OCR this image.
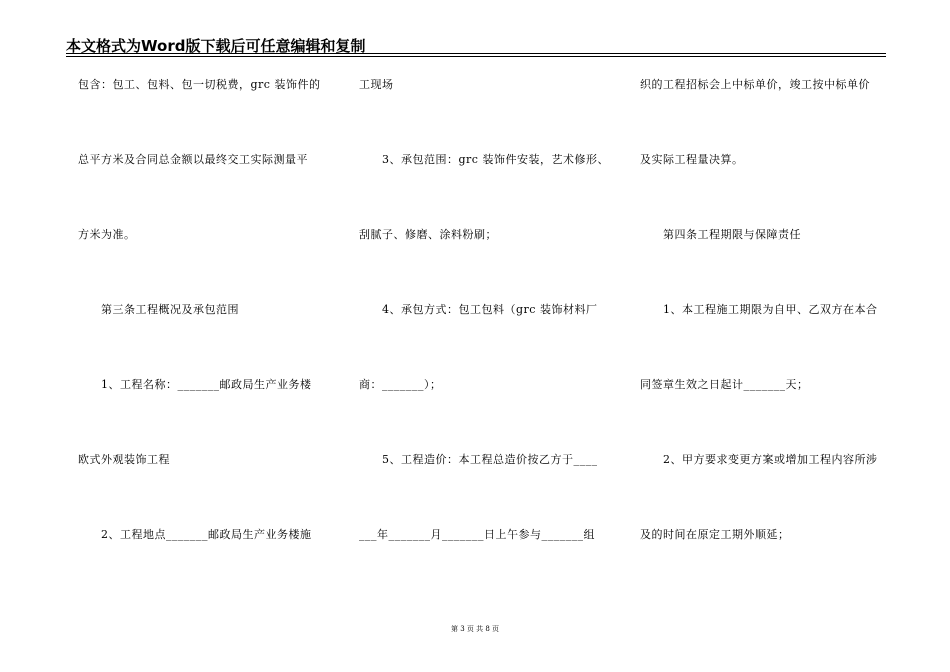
本文格式为Word版下载后可任意编辑和复制
包含：包工、包料、包一切税费，grc 装饰件的
总平方米及合同总金额以最终交工实际测量平
方米为准。
　　第三条工程概况及承包范围
　　1、工程名称：_______邮政局生产业务楼
欧式外观装饰工程
　　2、工程地点_______邮政局生产业务楼施
工现场
　　3、承包范围：grc 装饰件安装，艺术修形、
刮腻子、修磨、涂料粉刷；
　　4、承包方式：包工包料（grc 装饰材料厂
商：_______）；
　　5、工程造价：本工程总造价按乙方于____
___年_______月_______日上午参与_______组
织的工程招标会上中标单价，竣工按中标单价
及实际工程量决算。
　　第四条工程期限与保障责任
　　1、本工程施工期限为自甲、乙双方在本合
同签章生效之日起计_______天；
　　2、甲方要求变更方案或增加工程内容所涉
及的时间在原定工期外顺延；
第 3 页 共 8 页
